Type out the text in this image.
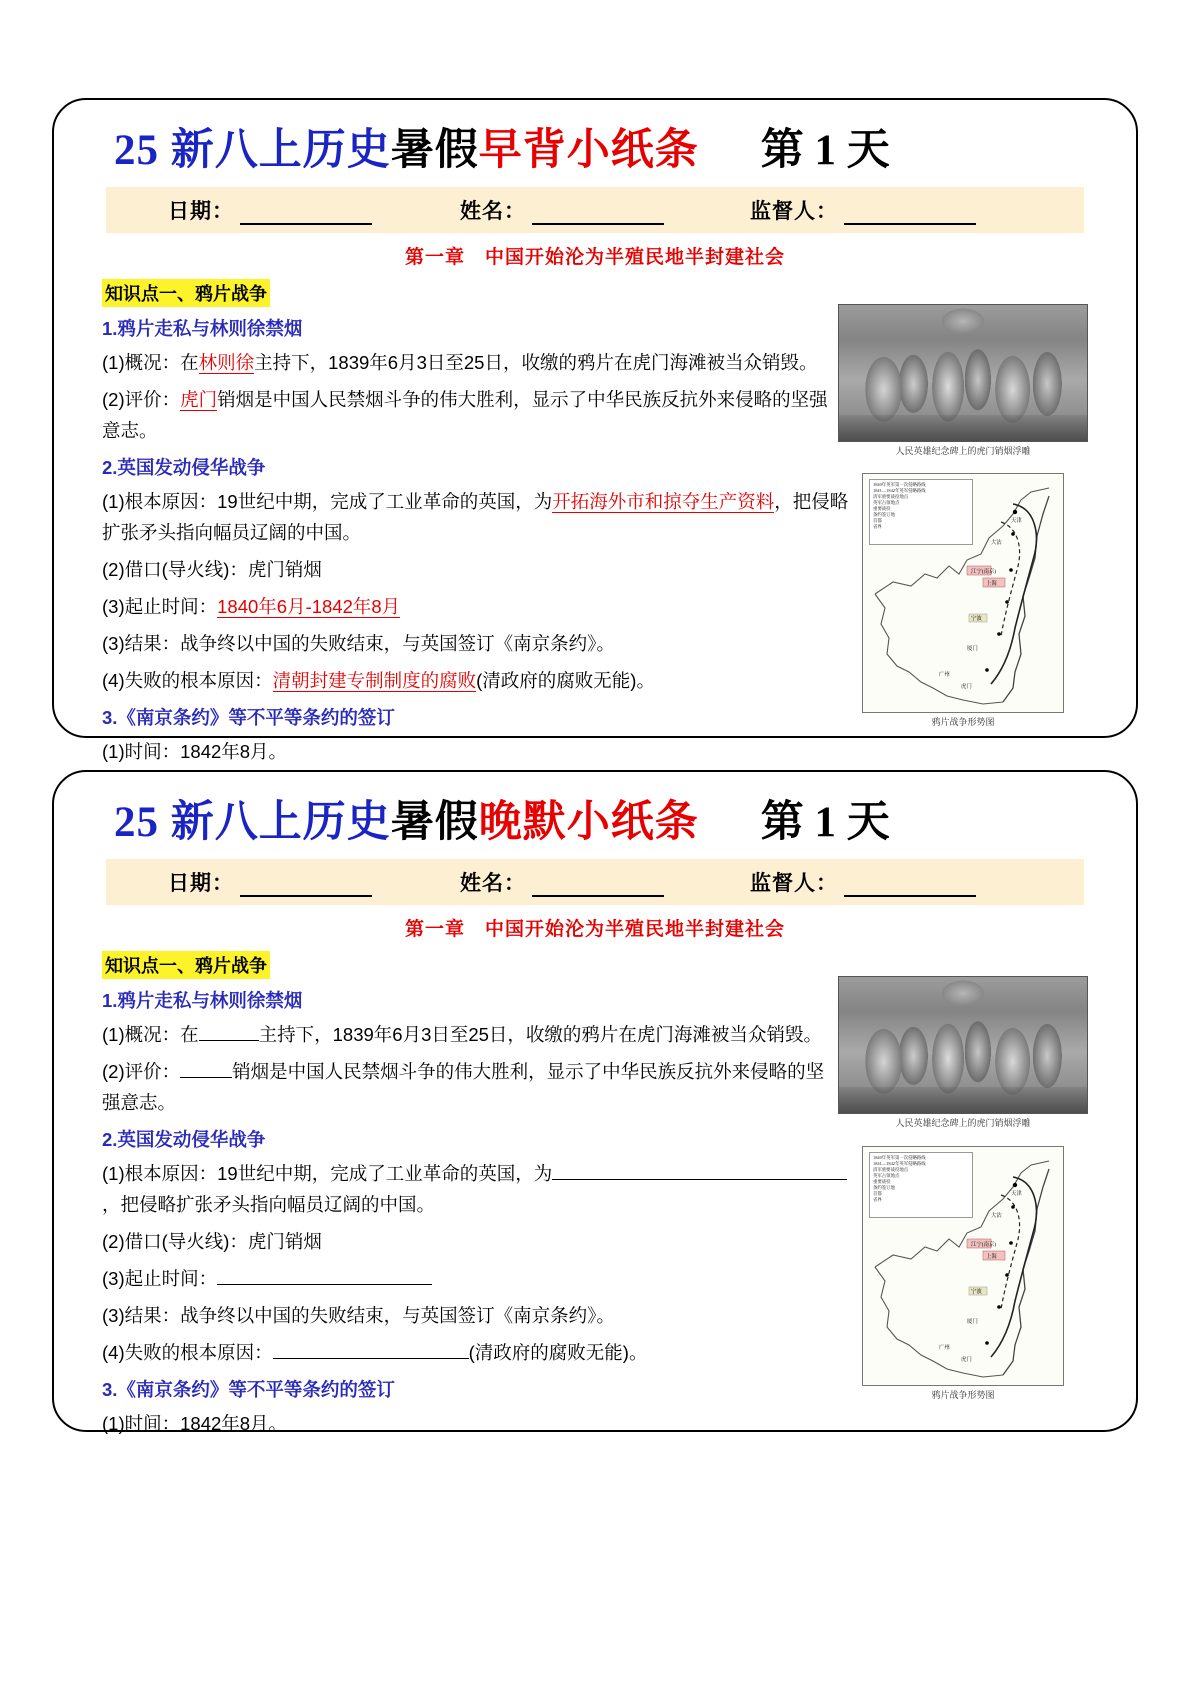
25 新八上历史暑假早背小纸条 第 1 天
日期：	姓名：	监督人：
第一章　中国开始沦为半殖民地半封建社会
知识点一、鸦片战争
1.鸦片走私与林则徐禁烟
(1)概况：在林则徐主持下，1839年6月3日至25日，收缴的鸦片在虎门海滩被当众销毁。
(2)评价：虎门销烟是中国人民禁烟斗争的伟大胜利，显示了中华民族反抗外来侵略的坚强意志。
2.英国发动侵华战争
(1)根本原因：19世纪中期，完成了工业革命的英国，为开拓海外市和掠夺生产资料，把侵略扩张矛头指向幅员辽阔的中国。
(2)借口(导火线)：虎门销烟
(3)起止时间：1840年6月-1842年8月
(3)结果：战争终以中国的失败结束，与英国签订《南京条约》。
(4)失败的根本原因：清朝封建专制制度的腐败(清政府的腐败无能)。
3.《南京条约》等不平等条约的签订
(1)时间：1842年8月。
人民英雄纪念碑上的虎门销烟浮雕
江宁(南京)
上海
宁波
厦门
广州
虎门
天津
大沽
1840年英军第一次侵略路线
1841—1842年英军侵略路线
清军重要战役地点
英军占领地点
重要战役
条约签订地
首都
省界
鸦片战争形势图
25 新八上历史暑假晚默小纸条 第 1 天
日期：	姓名：	监督人：
第一章　中国开始沦为半殖民地半封建社会
知识点一、鸦片战争
1.鸦片走私与林则徐禁烟
(1)概况：在	主持下，1839年6月3日至25日，收缴的鸦片在虎门海滩被当众销毁。
(2)评价：	销烟是中国人民禁烟斗争的伟大胜利，显示了中华民族反抗外来侵略的坚强意志。
2.英国发动侵华战争
(1)根本原因：19世纪中期，完成了工业革命的英国，为，把侵略扩张矛头指向幅员辽阔的中国。
(2)借口(导火线)：虎门销烟
(3)起止时间：
(3)结果：战争终以中国的失败结束，与英国签订《南京条约》。
(4)失败的根本原因：	(清政府的腐败无能)。
3.《南京条约》等不平等条约的签订
(1)时间：1842年8月。
人民英雄纪念碑上的虎门销烟浮雕
江宁(南京)
上海
宁波
厦门
广州
虎门
天津
大沽
1840年英军第一次侵略路线
1841—1842年英军侵略路线
清军重要战役地点
英军占领地点
重要战役
条约签订地
首都
省界
鸦片战争形势图
